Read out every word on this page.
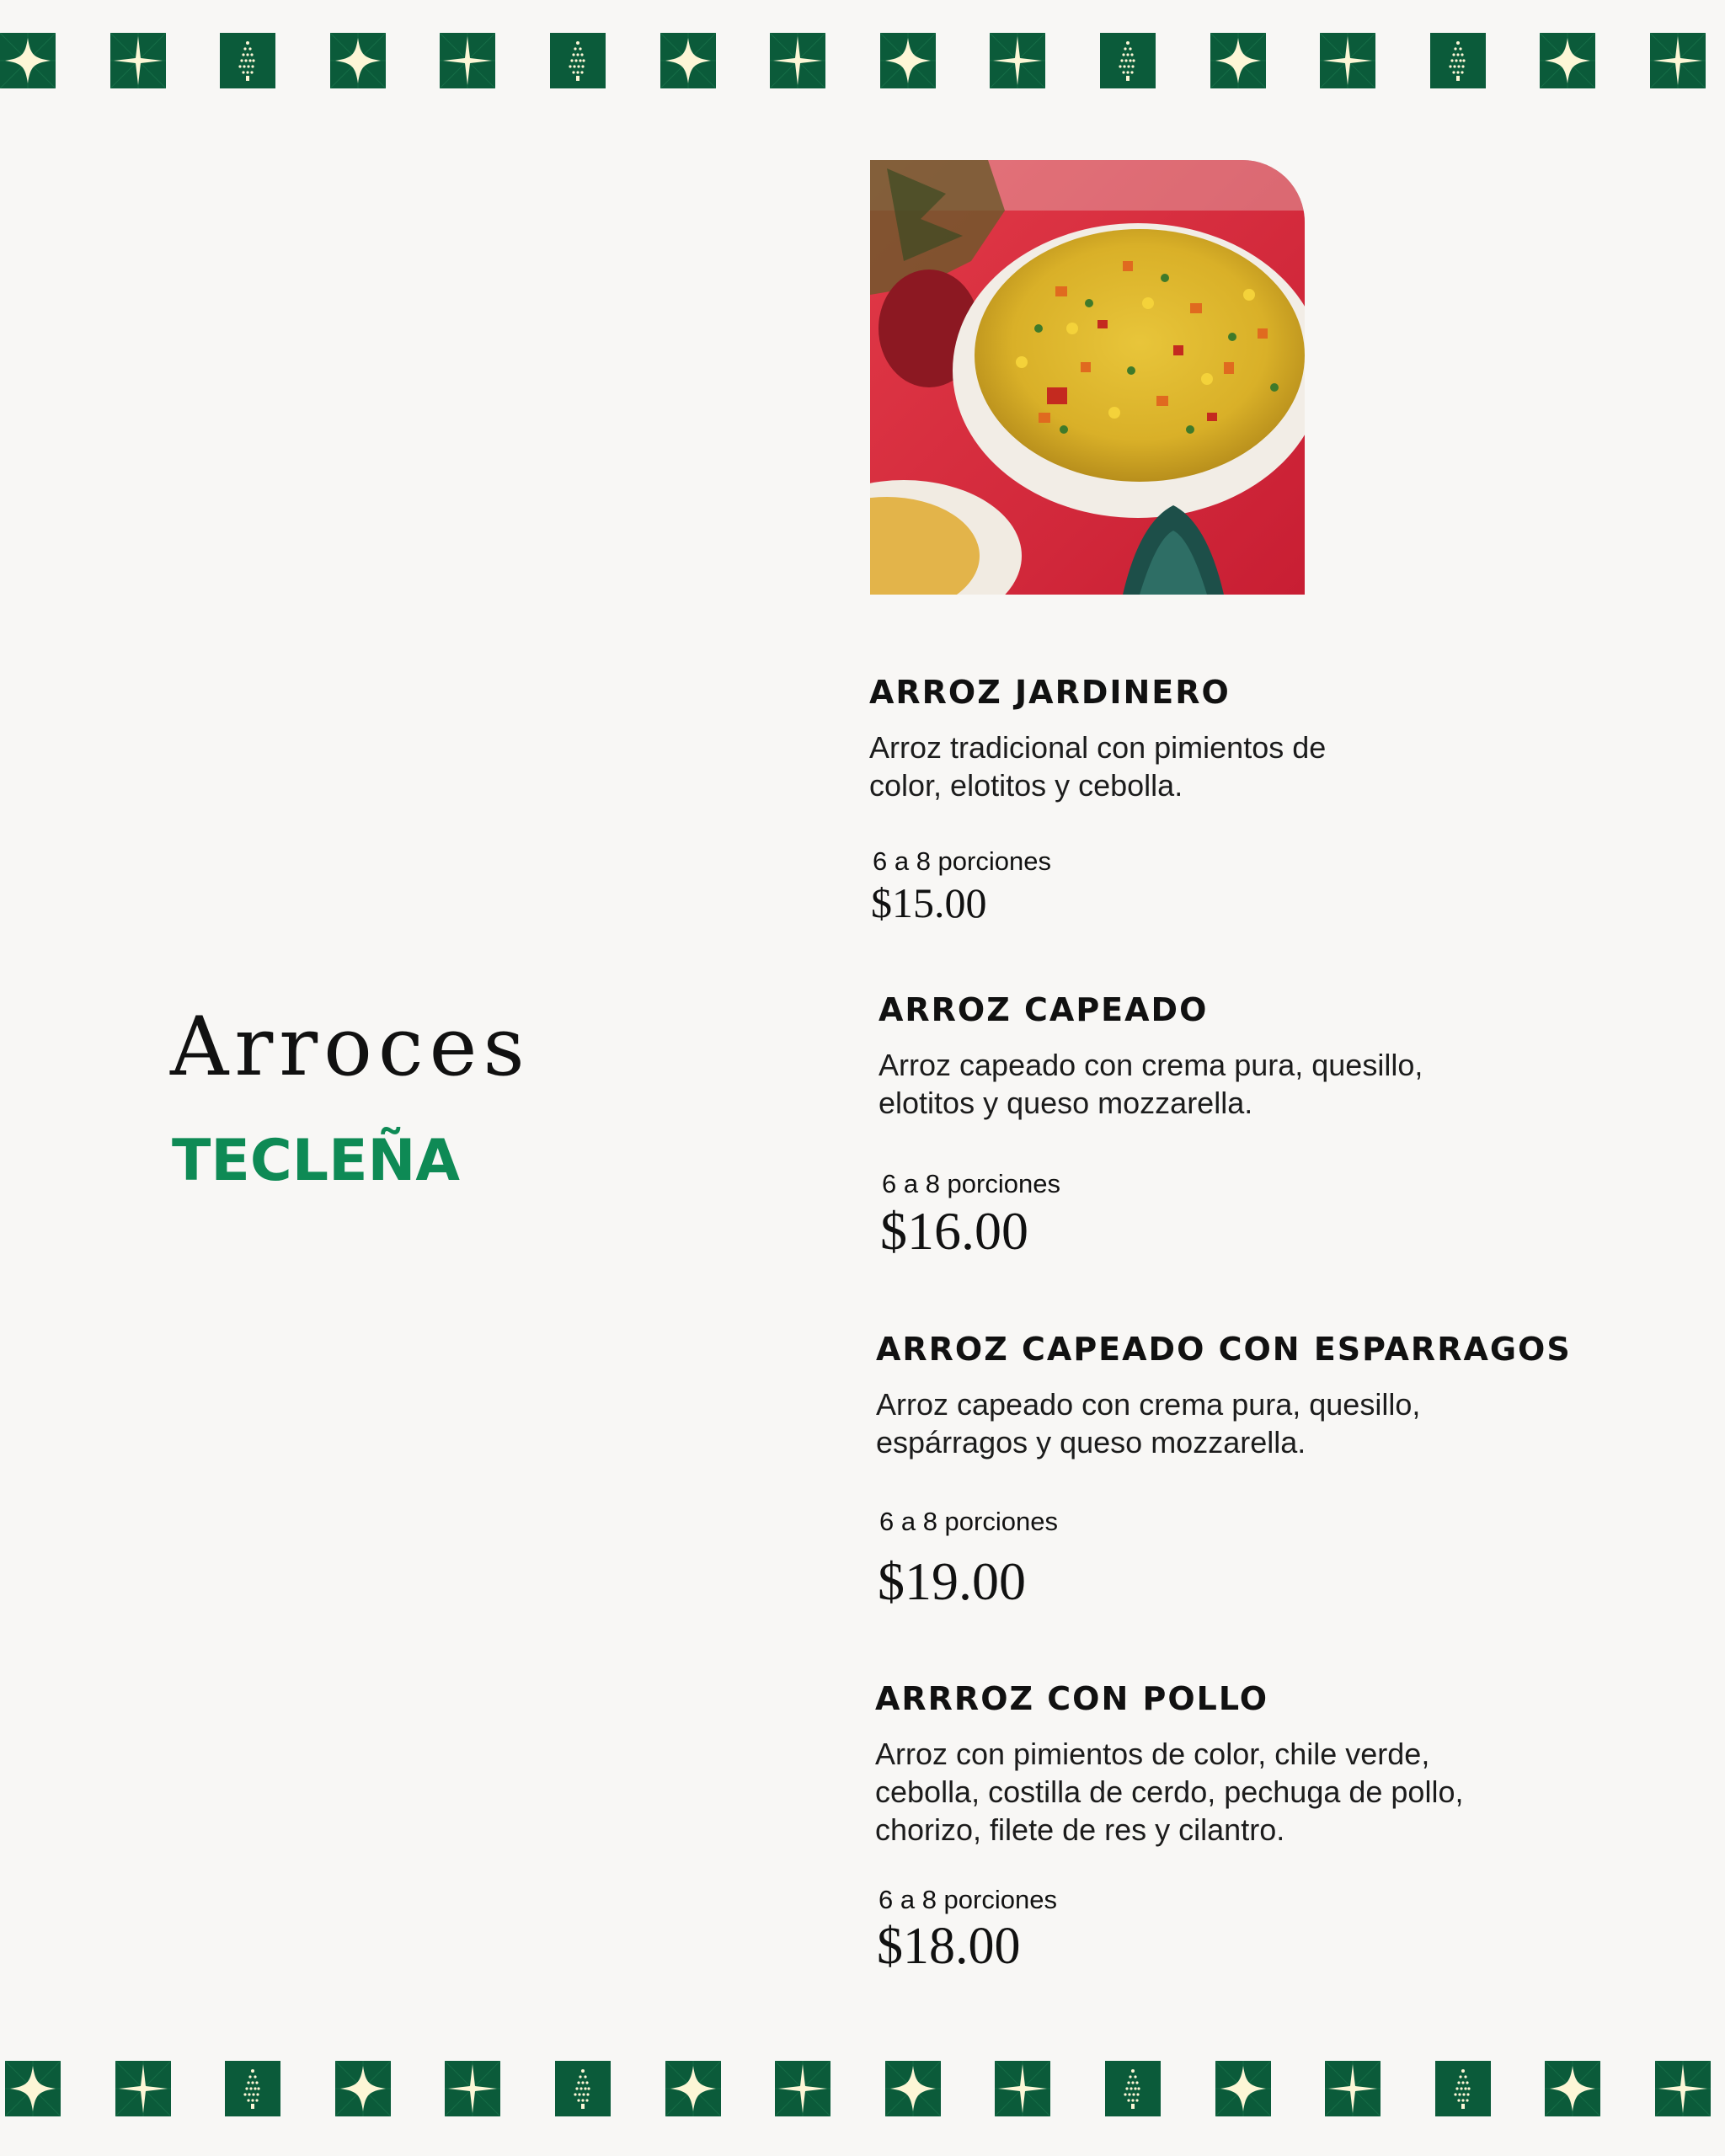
Arroces
TECLEÑA
ARROZ JARDINERO
Arroz tradicional con pimientos de
color, elotitos y cebolla.
6 a 8 porciones
$15.00
ARROZ CAPEADO
Arroz capeado con crema pura, quesillo,
elotitos y queso mozzarella.
6 a 8 porciones
$16.00
ARROZ CAPEADO CON ESPARRAGOS
Arroz capeado con crema pura, quesillo,
espárragos y queso mozzarella.
6 a 8 porciones
$19.00
ARRROZ CON POLLO
Arroz con pimientos de color, chile verde,
cebolla, costilla de cerdo, pechuga de pollo,
chorizo, filete de res y cilantro.
6 a 8 porciones
$18.00
